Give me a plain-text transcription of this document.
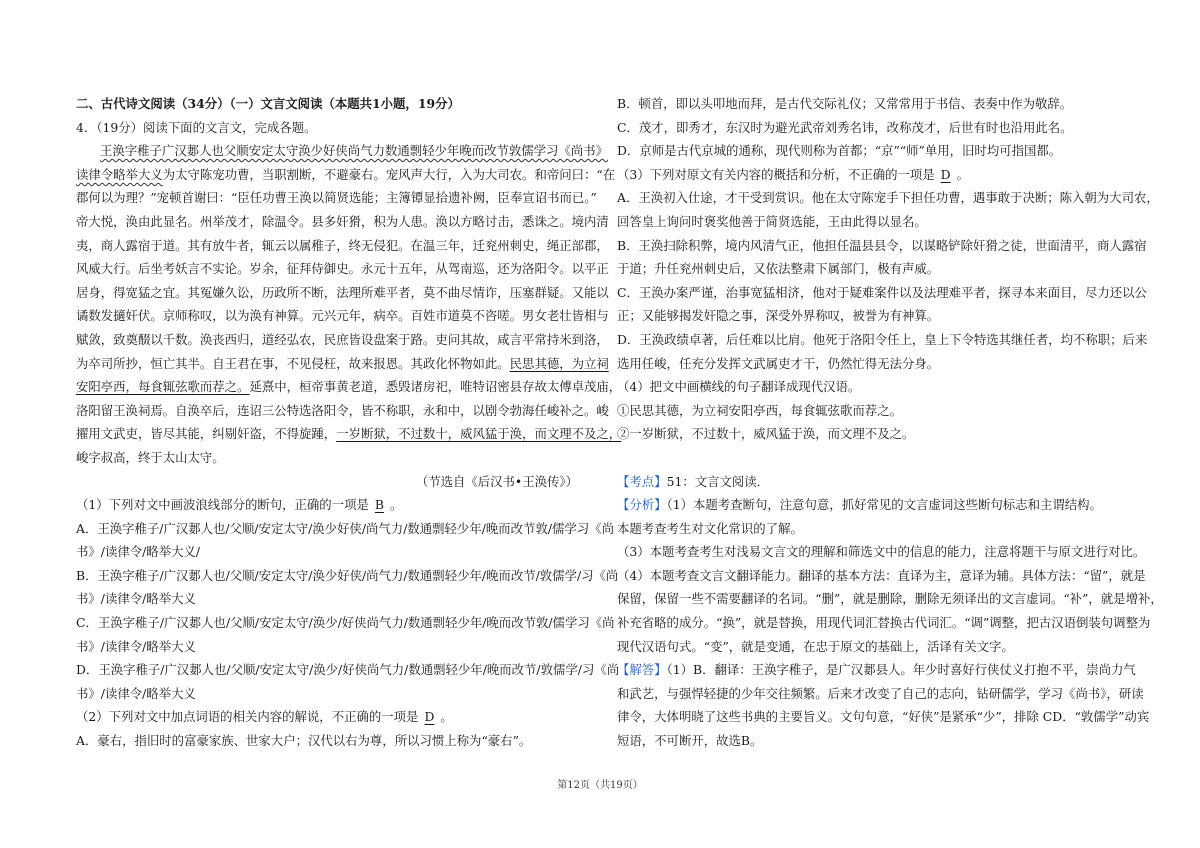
二、古代诗文阅读（34分）（一）文言文阅读（本题共1小题，19分）
4．（19分）阅读下面的文言文，完成各题。
王涣字稚子广汉郪人也父顺安定太守涣少好侠尚气力数通剽轻少年晚而改节敦儒学习《尚书》
读律令略举大义为太守陈宠功曹，当职割断，不避豪右。宠风声大行，入为大司农。和帝问曰：“在
郡何以为理？”宠顿首谢曰：“臣任功曹王涣以简贤选能；主簿镡显拾遗补阙，臣奉宣诏书而已。”
帝大悦，涣由此显名。州举茂才，除温令。县多奸猾，积为人患。涣以方略讨击，悉诛之。境内清
夷，商人露宿于道。其有放牛者，辄云以属稚子，终无侵犯。在温三年，迁兖州刺史，绳正部郡，
风威大行。后坐考妖言不实论。岁余，征拜侍御史。永元十五年，从驾南巡，还为洛阳令。以平正
居身，得宽猛之宜。其冤嫌久讼，历政所不断，法理所难平者，莫不曲尽情诈，压塞群疑。又能以
谲数发擿奸伏。京师称叹，以为涣有神算。元兴元年，病卒。百姓市道莫不咨嗟。男女老壮皆相与
赋敛，致奠醊以千数。涣丧西归，道经弘农，民庶皆设盘案于路。吏问其故，咸言平常持米到洛，
为卒司所抄，恒亡其半。自王君在事，不见侵枉，故来报恩。其政化怀物如此。民思其德，为立祠
安阳亭西，每食辄弦歌而荐之。延熹中，桓帝事黄老道，悉毁诸房祀，唯特诏密县存故太傅卓茂庙，
洛阳留王涣祠焉。自涣卒后，连诏三公特选洛阳令，皆不称职，永和中，以剧令勃海任峻补之。峻
擢用文武吏，皆尽其能，纠剔奸盗，不得旋踵，一岁断狱，不过数十，威风猛于涣，而文理不及之，
峻字叔高，终于太山太守。
（节选自《后汉书•王涣传》）
（1）下列对文中画波浪线部分的断句，正确的一项是 B 。
A．王涣字稚子/广汉郪人也/父顺/安定太守/涣少好侠/尚气力/数通剽轻少年/晚而改节敦/儒学习《尚
书》/读律令/略举大义/
B．王涣字稚子/广汉郪人也/父顺/安定太守/涣少好侠/尚气力/数通剽轻少年/晚而改节/敦儒学/习《尚
书》/读律令/略举大义
C．王涣字稚子/广汉郪人也/父顺/安定太守/涣少/好侠尚气力/数通剽轻少年/晚而改节敦/儒学习《尚
书》/读律令/略举大义
D．王涣字稚子/广汉郪人也/父顺/安定太守/涣少/好侠尚气力/数通剽轻少年/晚而改节/敦儒学/习《尚
书》/读律令/略举大义
（2）下列对文中加点词语的相关内容的解说，不正确的一项是 D 。
A．豪右，指旧时的富豪家族、世家大户；汉代以右为尊，所以习惯上称为“豪右”。
B．顿首，即以头叩地而拜，是古代交际礼仪；又常常用于书信、表奏中作为敬辞。
C．茂才，即秀才，东汉时为避光武帝刘秀名讳，改称茂才，后世有时也沿用此名。
D．京师是古代京城的通称，现代则称为首都；“京”“师”单用，旧时均可指国都。
（3）下列对原文有关内容的概括和分析，不正确的一项是 D 。
A．王涣初入仕途，才干受到赏识。他在太守陈宠手下担任功曹，遇事敢于决断；陈入朝为大司农，
回答皇上询问时褒奖他善于简贤选能，王由此得以显名。
B．王涣扫除积弊，境内风清气正，他担任温县县令，以谋略铲除奸猾之徒，世面清平，商人露宿
于道；升任兖州刺史后，又依法整肃下属部门，极有声威。
C．王涣办案严谨，治事宽猛相济，他对于疑难案件以及法理难平者，探寻本来面目，尽力还以公
正；又能够揭发奸隐之事，深受外界称叹，被誉为有神算。
D．王涣政绩卓著，后任难以比肩。他死于洛阳令任上，皇上下令特选其继任者，均不称职；后来
选用任峻，任充分发挥文武属吏才干，仍然忙得无法分身。
（4）把文中画横线的句子翻译成现代汉语。
①民思其德，为立祠安阳亭西，每食辄弦歌而荐之。
②一岁断狱，不过数十，威风猛于涣，而文理不及之。
【考点】51：文言文阅读．
【分析】（1）本题考查断句，注意句意，抓好常见的文言虚词这些断句标志和主谓结构。
本题考查考生对文化常识的了解。
（3）本题考查考生对浅易文言文的理解和筛选文中的信息的能力，注意将题干与原文进行对比。
（4）本题考查文言文翻译能力。翻译的基本方法：直译为主，意译为辅。具体方法：“留”，就是
保留，保留一些不需要翻译的名词。“删”，就是删除，删除无须译出的文言虚词。“补”，就是增补，
补充省略的成分。“换”，就是替换，用现代词汇替换古代词汇。“调”调整，把古汉语倒装句调整为
现代汉语句式。“变”，就是变通，在忠于原文的基础上，活译有关文字。
【解答】（1）B．翻译：王涣字稚子，是广汉郪县人。年少时喜好行侠仗义打抱不平，崇尚力气
和武艺，与强悍轻捷的少年交往频繁。后来才改变了自己的志向，钻研儒学，学习《尚书》，研读
律令，大体明晓了这些书典的主要旨义。文句句意，“好侠”是紧承“少”，排除 CD．“敦儒学”动宾
短语，不可断开，故选B。
第12页（共19页）
